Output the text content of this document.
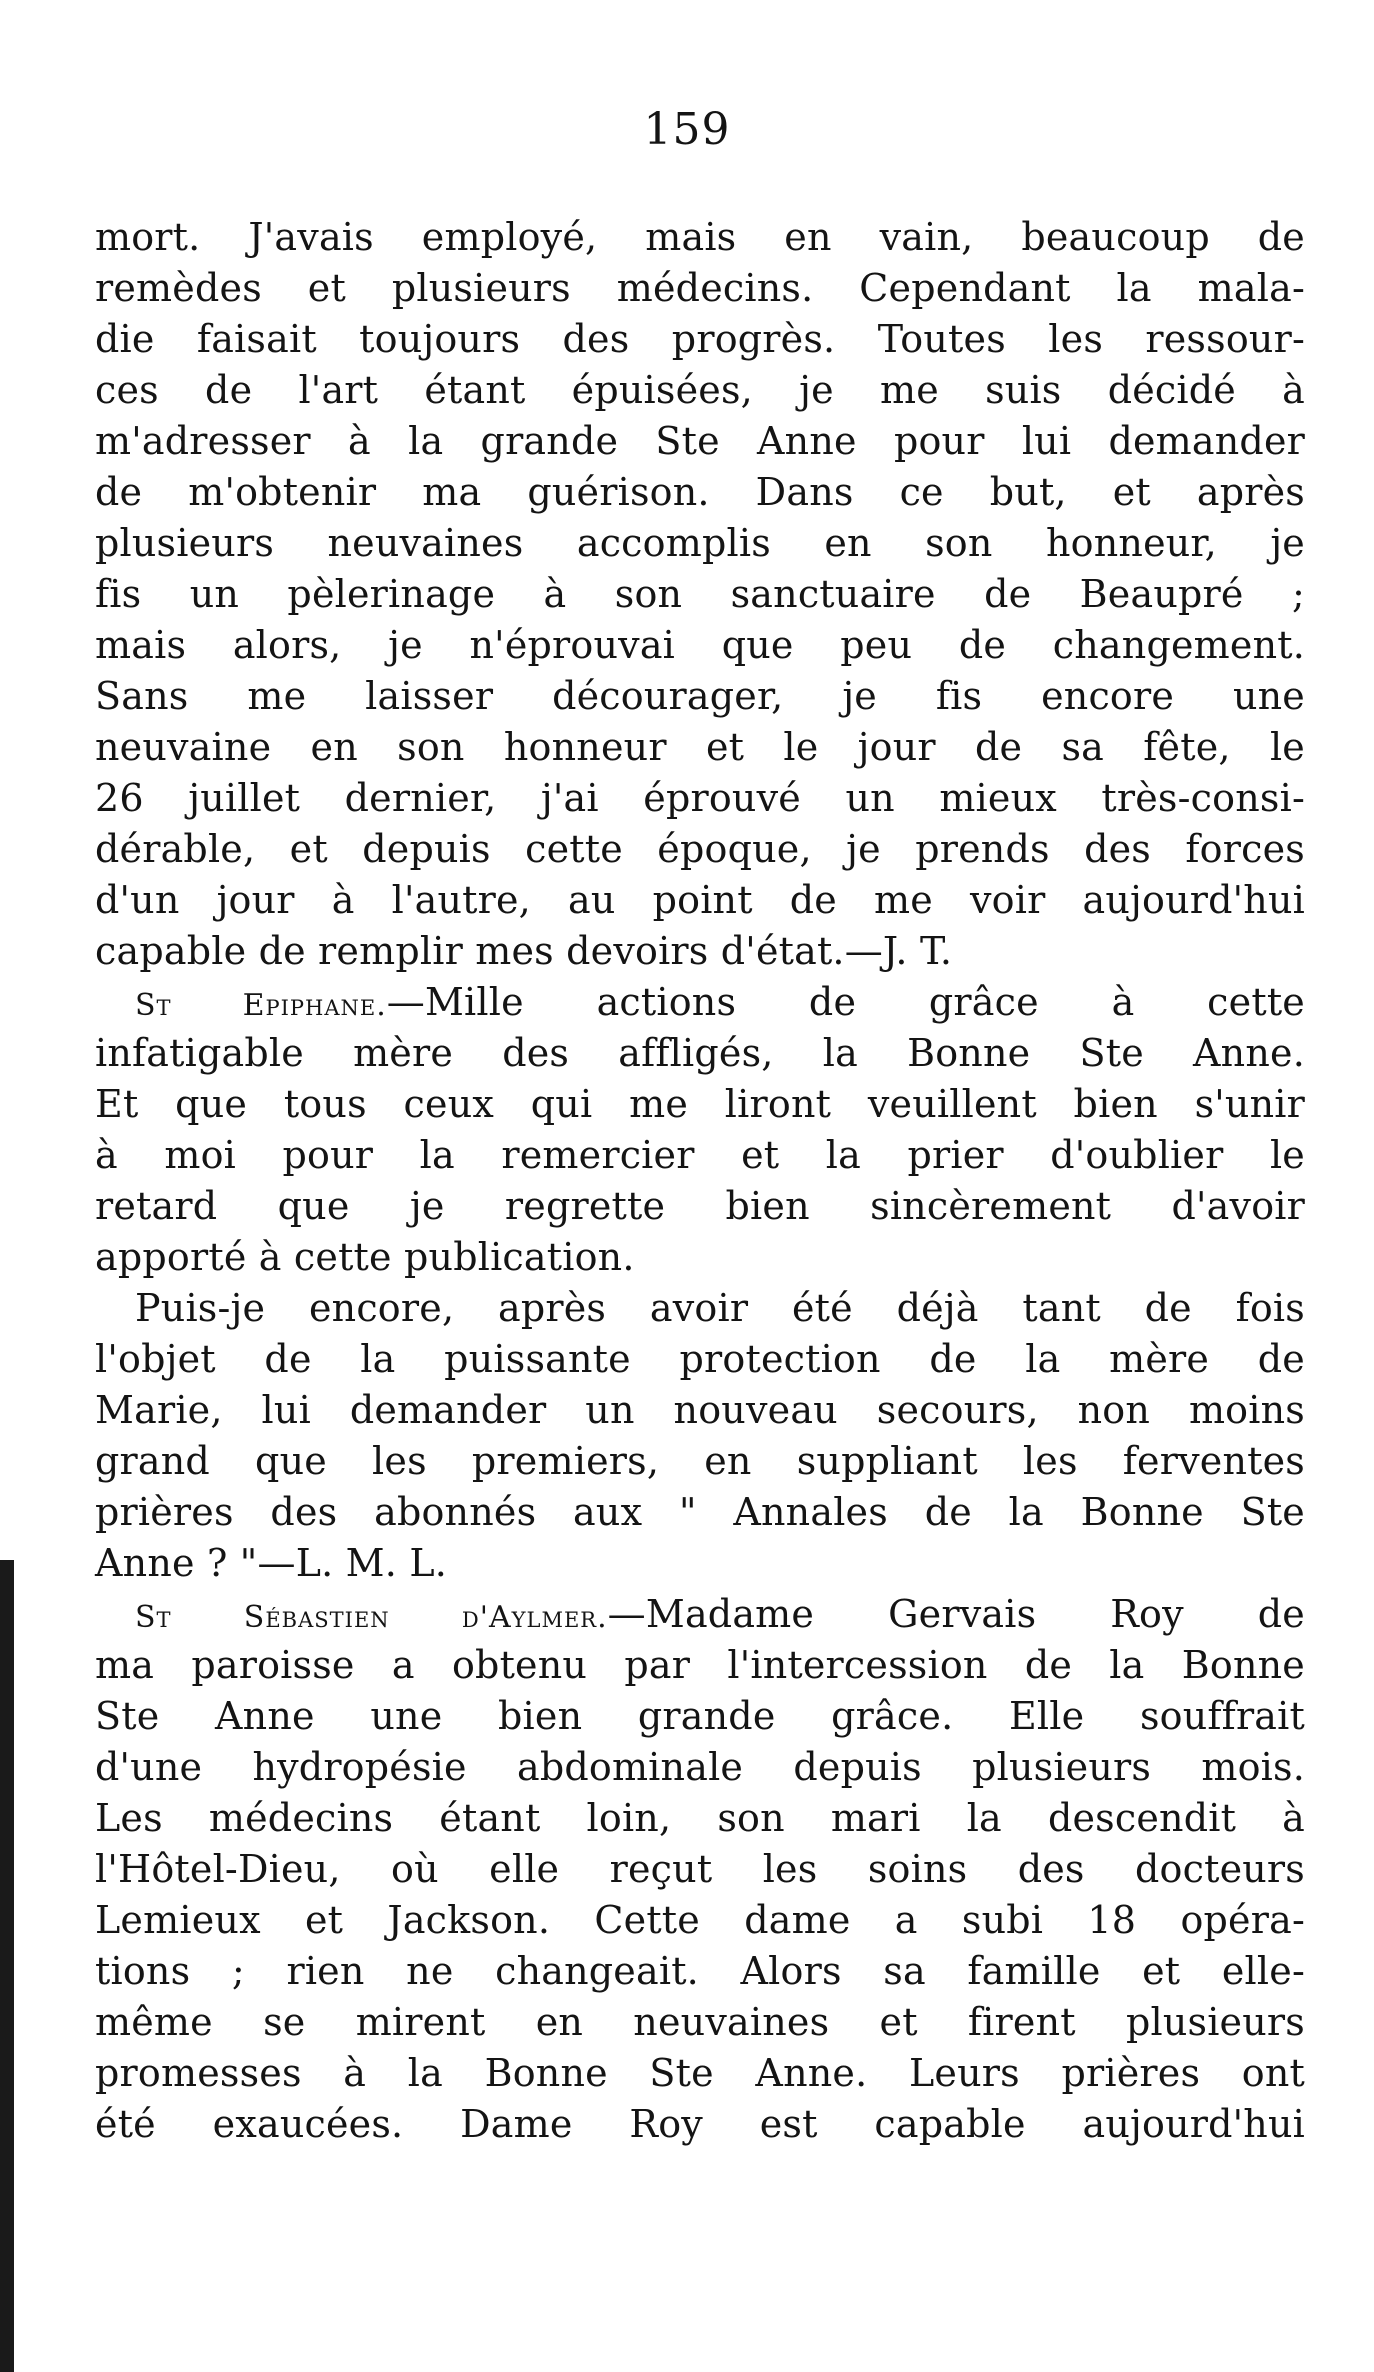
159
mort. J'avais employé, mais en vain, beaucoup de
remèdes et plusieurs médecins. Cependant la mala-
die faisait toujours des progrès. Toutes les ressour-
ces de l'art étant épuisées, je me suis décidé à
m'adresser à la grande Ste Anne pour lui demander
de m'obtenir ma guérison. Dans ce but, et après
plusieurs neuvaines accomplis en son honneur, je
fis un pèlerinage à son sanctuaire de Beaupré ;
mais alors, je n'éprouvai que peu de changement.
Sans me laisser décourager, je fis encore une
neuvaine en son honneur et le jour de sa fête, le
26 juillet dernier, j'ai éprouvé un mieux très-consi-
dérable, et depuis cette époque, je prends des forces
d'un jour à l'autre, au point de me voir aujourd'hui
capable de remplir mes devoirs d'état.—J. T.
St Epiphane.—Mille actions de grâce à cette
infatigable mère des affligés, la Bonne Ste Anne.
Et que tous ceux qui me liront veuillent bien s'unir
à moi pour la remercier et la prier d'oublier le
retard que je regrette bien sincèrement d'avoir
apporté à cette publication.
Puis-je encore, après avoir été déjà tant de fois
l'objet de la puissante protection de la mère de
Marie, lui demander un nouveau secours, non moins
grand que les premiers, en suppliant les ferventes
prières des abonnés aux " Annales de la Bonne Ste
Anne ? "—L. M. L.
St Sébastien d'Aylmer.—Madame Gervais Roy de
ma paroisse a obtenu par l'intercession de la Bonne
Ste Anne une bien grande grâce. Elle souffrait
d'une hydropésie abdominale depuis plusieurs mois.
Les médecins étant loin, son mari la descendit à
l'Hôtel-Dieu, où elle reçut les soins des docteurs
Lemieux et Jackson. Cette dame a subi 18 opéra-
tions ; rien ne changeait. Alors sa famille et elle-
même se mirent en neuvaines et firent plusieurs
promesses à la Bonne Ste Anne. Leurs prières ont
été exaucées. Dame Roy est capable aujourd'hui
